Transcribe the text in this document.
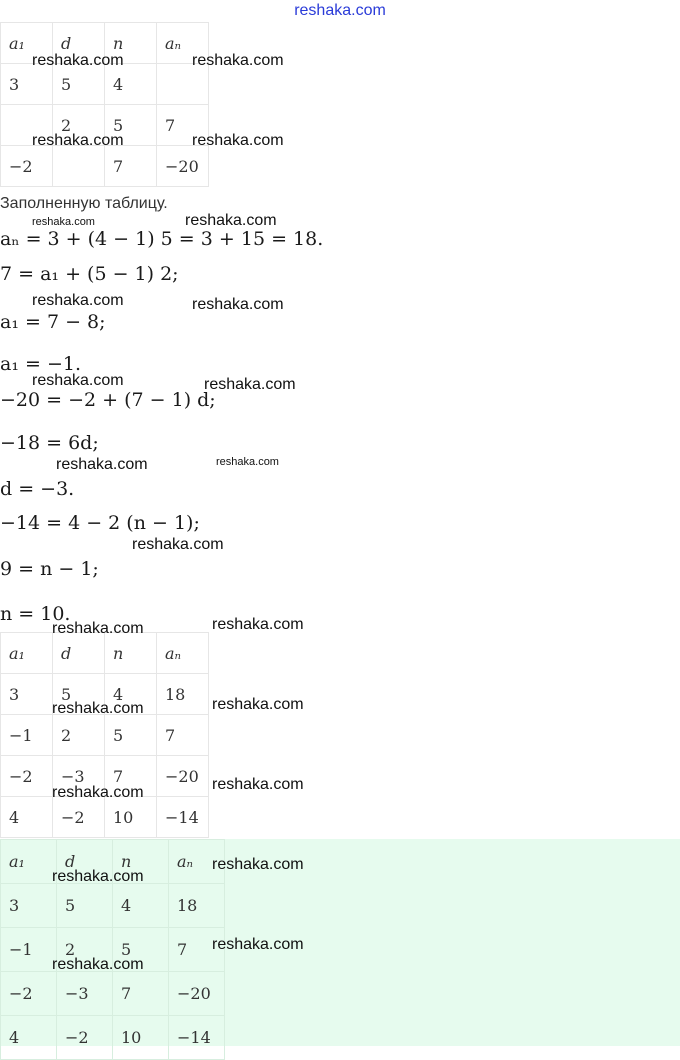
reshaka.com
a₁	d	n	aₙ
3	5	4	
	2	5	7
−2		7	−20
Заполненную таблицу.
aₙ = 3 + (4 − 1) 5 = 3 + 15 = 18.
7 = a₁ + (5 − 1) 2;
a₁ = 7 − 8;
a₁ = −1.
−20 = −2 + (7 − 1) d;
−18 = 6d;
d = −3.
−14 = 4 − 2 (n − 1);
9 = n − 1;
n = 10.
a₁	d	n	aₙ
3	5	4	18
−1	2	5	7
−2	−3	7	−20
4	−2	10	−14
a₁	d	n	aₙ
3	5	4	18
−1	2	5	7
−2	−3	7	−20
4	−2	10	−14
reshaka.com	reshaka.com
reshaka.com	reshaka.com
reshaka.com	reshaka.com
reshaka.com	reshaka.com
reshaka.com	reshaka.com
reshaka.com	reshaka.com
reshaka.com
reshaka.com	reshaka.com
reshaka.com	reshaka.com
reshaka.com	reshaka.com
reshaka.com
reshaka.com
reshaka.com
reshaka.com
